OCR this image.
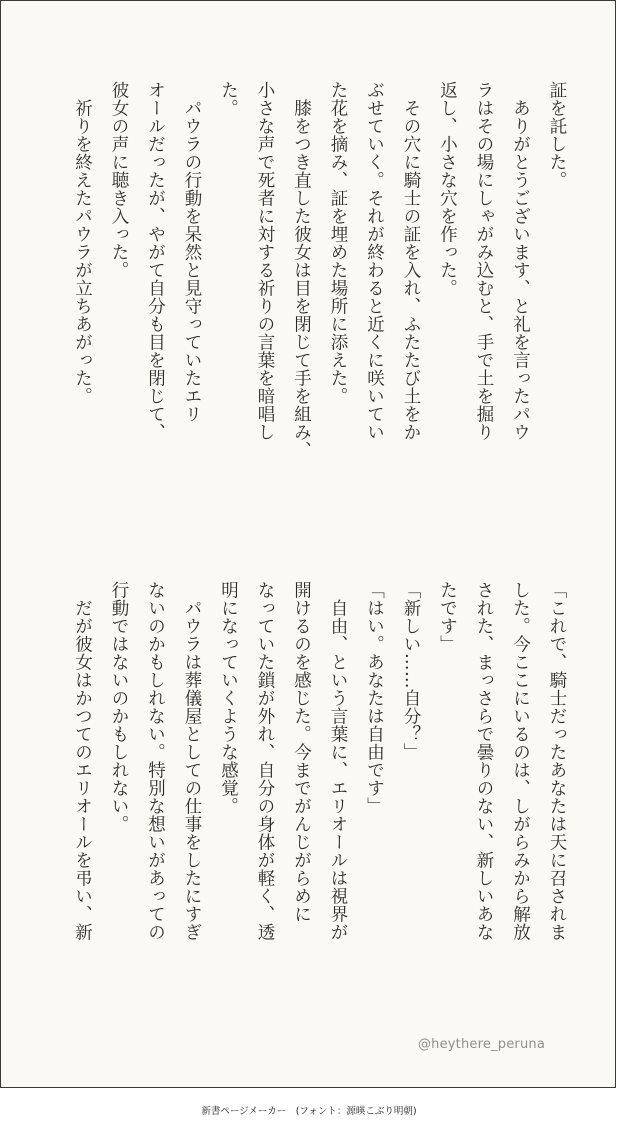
証を託した。

　ありがとうございます、と礼を言ったパウ

ラはその場にしゃがみ込むと、手で土を掘り

返し、小さな穴を作った。

　その穴に騎士の証を入れ、ふたたび土をか

ぶせていく。それが終わると近くに咲いてい

た花を摘み、証を埋めた場所に添えた。

　膝をつき直した彼女は目を閉じて手を組み、

小さな声で死者に対する祈りの言葉を暗唱し

た。

　パウラの行動を呆然と見守っていたエリ

オールだったが、やがて自分も目を閉じて、

彼女の声に聴き入った。

　祈りを終えたパウラが立ちあがった。

「これで、騎士だったあなたは天に召されま

した。今ここにいるのは、しがらみから解放

された、まっさらで曇りのない、新しいあな

たです」

「新しい……自分？」

「はい。あなたは自由です」

　自由、という言葉に、エリオールは視界が

開けるのを感じた。今までがんじがらめに

なっていた鎖が外れ、自分の身体が軽く、透

明になっていくような感覚。

　パウラは葬儀屋としての仕事をしたにすぎ

ないのかもしれない。特別な想いがあっての

行動ではないのかもしれない。

　だが彼女はかつてのエリオールを弔い、新

@heythere_peruna
新書ページメーカー　(フォント：源暎こぶり明朝)
